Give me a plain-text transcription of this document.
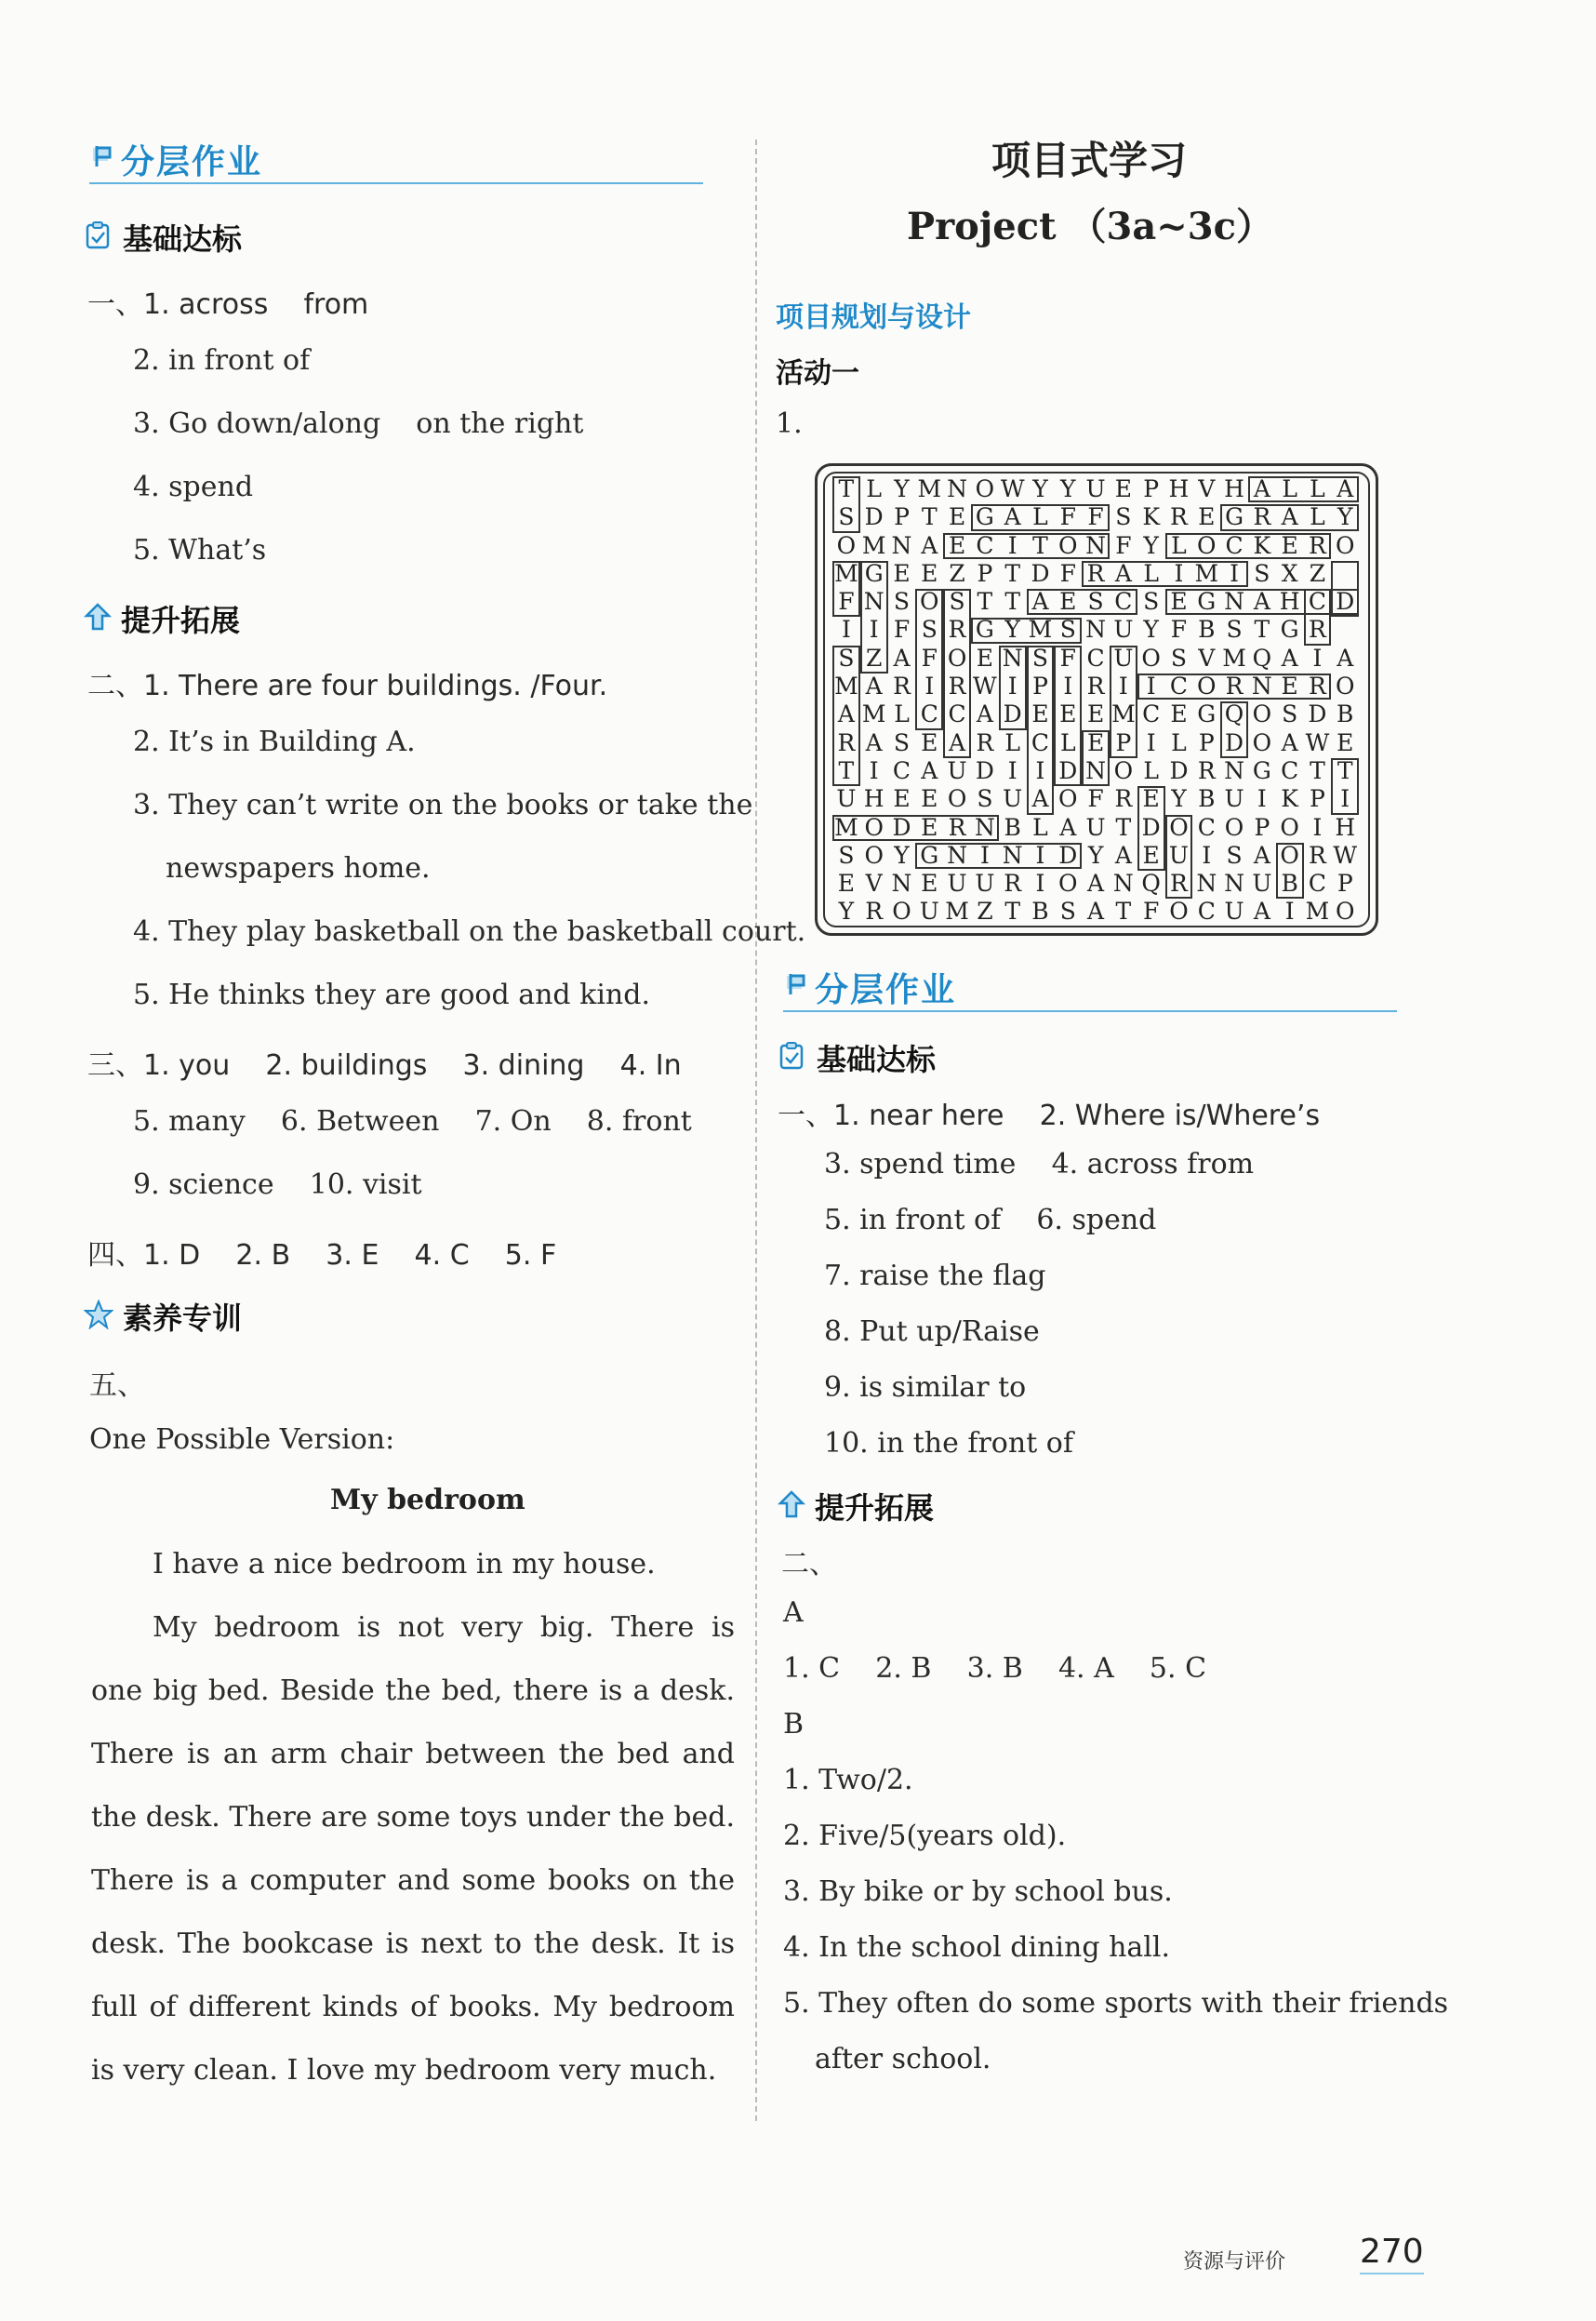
分层作业
基础达标
一、1. across    from
2. in front of
3. Go down/along    on the right
4. spend
5. What’s
提升拓展
二、1. There are four buildings. /Four.
2. It’s in Building A.
3. They can’t write on the books or take the
newspapers home.
4. They play basketball on the basketball court.
5. He thinks they are good and kind.
三、1. you    2. buildings    3. dining    4. In
5. many    6. Between    7. On    8. front
9. science    10. visit
四、1. D    2. B    3. E    4. C    5. F
素养专训
五、
One Possible Version:
My bedroom

I have a nice bedroom in my house.

My bedroom is not very big. There is one big bed. Beside the bed, there is a desk. There is an arm chair between the bed and the desk. There are some toys under the bed. There is a computer and some books on the desk. The bookcase is next to the desk. It is full of different kinds of books. My bedroom is very clean. I love my bedroom very much.

项目式学习
Project （3a~3c）
项目规划与设计
活动一
1.
T L Y M N O W Y Y U E P H V H A L L A
S D P T E G A L F F S K R E G R A L Y
O M N A E C I T O N F Y L O C K E R O
M G E E Z P T D F R A L I M I S X Z
F N S O S T T A E S C S E G N A H C D
I I F S R G Y M S N U Y F B S T G R
S Z A F O E N S F C U O S V M Q A I A
M A R I R W I P I R I I C O R N E R O
A M L C C A D E E E M C E G Q O S D B
R A S E A R L C L E P I L P D O A W E
T I C A U D I I D N O L D R N G C T T
U H E E O S U A O F R E Y B U I K P I
M O D E R N B L A U T D O C O P O I H
S O Y G N I N I D Y A E U I S A O R W
E V N E U U R I O A N Q R N N U B C P
Y R O U M Z T B S A T F O C U A I M O
分层作业
基础达标
一、1. near here    2. Where is/Where’s
3. spend time    4. across from
5. in front of    6. spend
7. raise the flag
8. Put up/Raise
9. is similar to
10. in the front of
提升拓展
二、
A
1. C    2. B    3. B    4. A    5. C
B
1. Two/2.
2. Five/5(years old).
3. By bike or by school bus.
4. In the school dining hall.
5. They often do some sports with their friends
after school.
资源与评价 270
